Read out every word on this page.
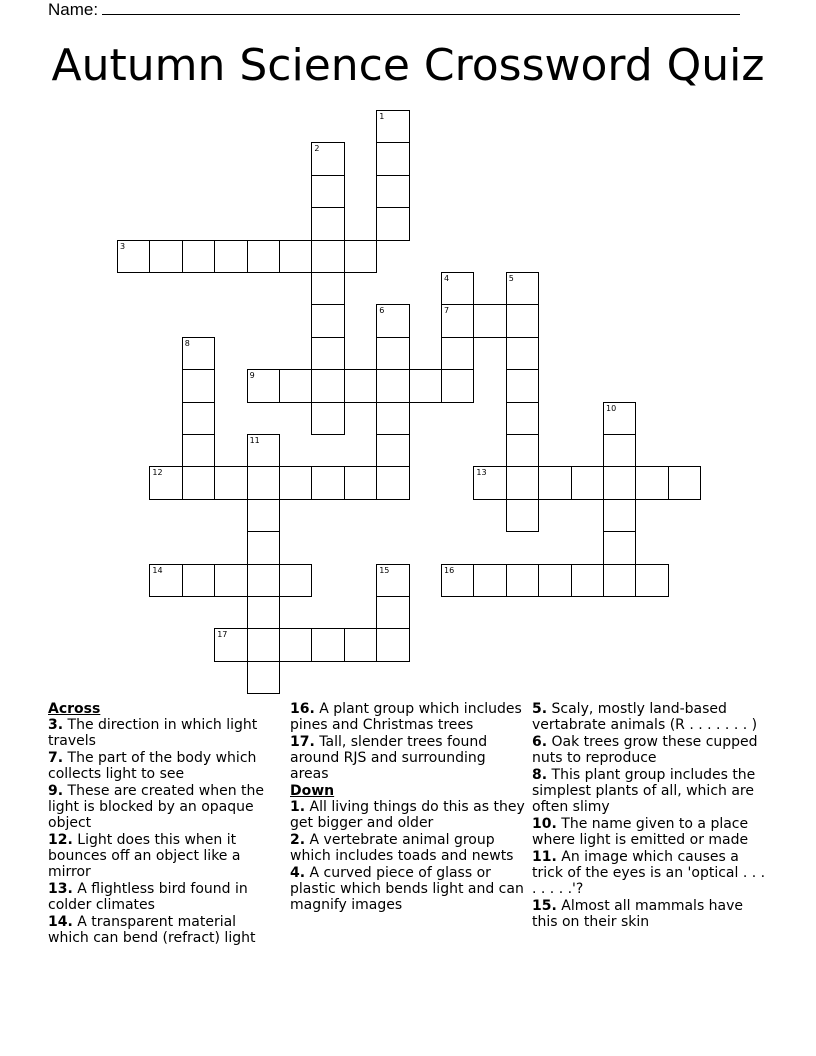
Name:
Autumn Science Crossword Quiz
1
2
3
4	5
6	7
8
9
10
11
12	13
14	15	16
17
Across
3. The direction in which light travels
7. The part of the body which collects light to see
9. These are created when the light is blocked by an opaque object
12. Light does this when it bounces off an object like a mirror
13. A flightless bird found in colder climates
14. A transparent material which can bend (refract) light
16. A plant group which includes pines and Christmas trees
17. Tall, slender trees found around RJS and surrounding areas
Down
1. All living things do this as they get bigger and older
2. A vertebrate animal group which includes toads and newts
4. A curved piece of glass or plastic which bends light and can magnify images
5. Scaly, mostly land-based vertabrate animals (R . . . . . . . )
6. Oak trees grow these cupped nuts to reproduce
8. This plant group includes the simplest plants of all, which are often slimy
10. The name given to a place where light is emitted or made
11. An image which causes a trick of the eyes is an 'optical . . . . . . . .'?
15. Almost all mammals have this on their skin
